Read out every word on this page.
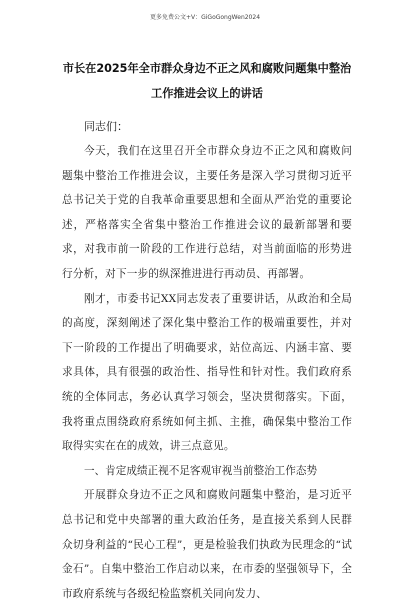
更多免费公文+V：GiGoGongWen2024
市长在2025年全市群众身边不正之风和腐败问题集中整治
工作推进会议上的讲话
同志们：

今天，我们在这里召开全市群众身边不正之风和腐败问题集中整治工作推进会议，主要任务是深入学习贯彻习近平总书记关于党的自我革命重要思想和全面从严治党的重要论述，严格落实全省集中整治工作推进会议的最新部署和要求，对我市前一阶段的工作进行总结，对当前面临的形势进行分析，对下一步的纵深推进进行再动员、再部署。

刚才，市委书记XX同志发表了重要讲话，从政治和全局的高度，深刻阐述了深化集中整治工作的极端重要性，并对下一阶段的工作提出了明确要求，站位高远、内涵丰富、要求具体，具有很强的政治性、指导性和针对性。我们政府系统的全体同志，务必认真学习领会，坚决贯彻落实。下面，我将重点围绕政府系统如何主抓、主推，确保集中整治工作取得实实在在的成效，讲三点意见。

一、肯定成绩正视不足客观审视当前整治工作态势

开展群众身边不正之风和腐败问题集中整治，是习近平总书记和党中央部署的重大政治任务，是直接关系到人民群众切身利益的“民心工程”，更是检验我们执政为民理念的“试金石”。自集中整治工作启动以来，在市委的坚强领导下，全市政府系统与各级纪检监察机关同向发力、
